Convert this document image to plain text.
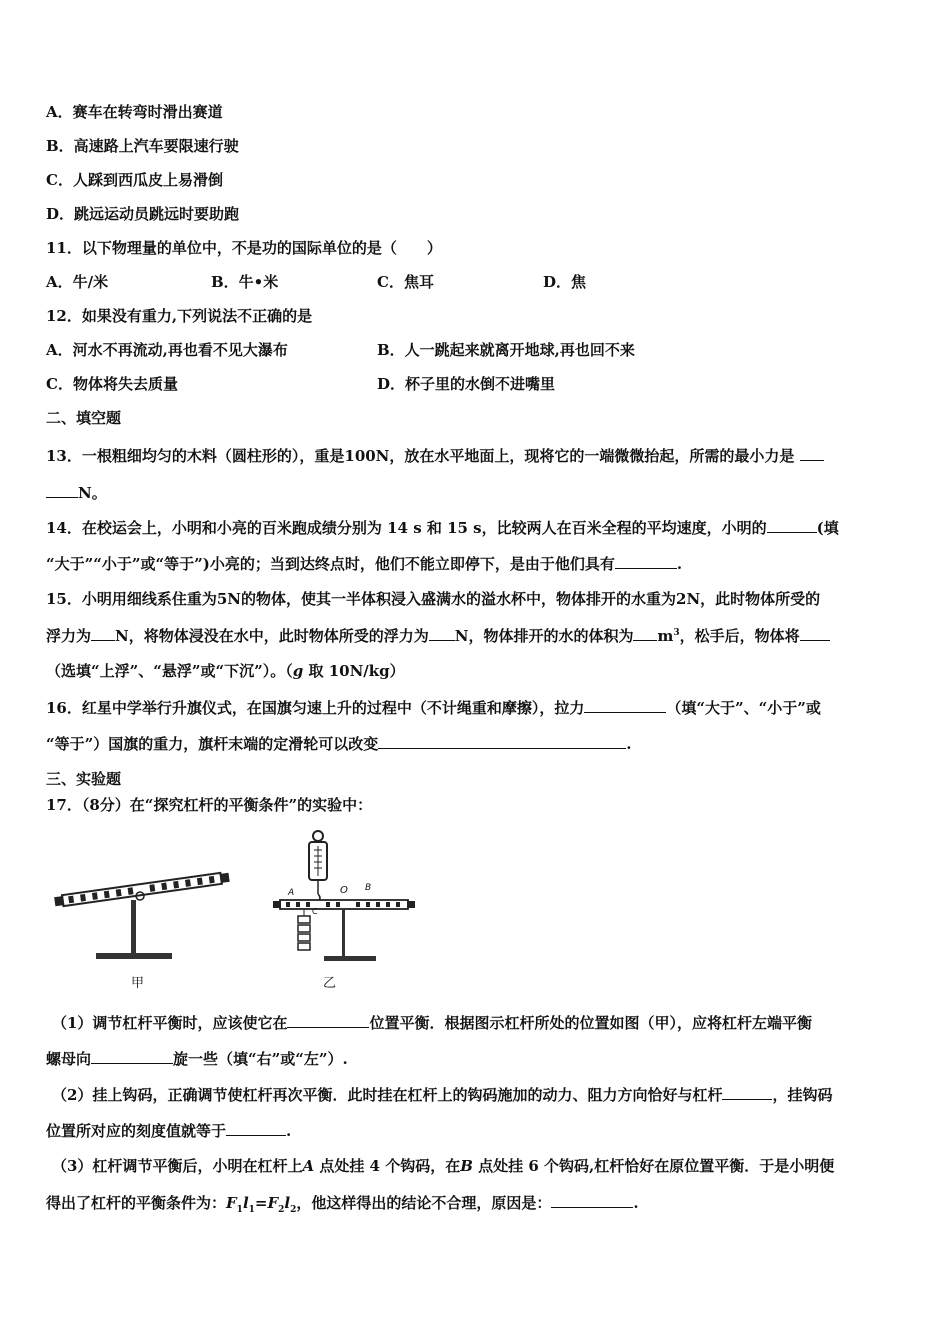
A．赛车在转弯时滑出赛道
B．高速路上汽车要限速行驶
C．人踩到西瓜皮上易滑倒
D．跳远运动员跳远时要助跑
11．以下物理量的单位中，不是功的国际单位的是（　　）
A．牛/米	B．牛•米	C．焦耳	D．焦
12．如果没有重力,下列说法不正确的是
A．河水不再流动,再也看不见大瀑布	B．人一跳起来就离开地球,再也回不来
C．物体将失去质量	D．杯子里的水倒不进嘴里
二、填空题
13．一根粗细均匀的木料（圆柱形的），重是100N，放在水平地面上，现将它的一端微微抬起，所需的最小力是
N。
14．在校运会上，小明和小亮的百米跑成绩分别为 14 s 和 15 s，比较两人在百米全程的平均速度，小明的	(填
“大于”“小于”或“等于”)小亮的；当到达终点时，他们不能立即停下，是由于他们具有	.
15．小明用细线系住重为5N的物体，使其一半体积浸入盛满水的溢水杯中，物体排开的水重为2N，此时物体所受的
浮力为 N，将物体浸没在水中，此时物体所受的浮力为 N，物体排开的水的体积为 $m^3$，松手后，物体将
（选填“上浮”、“悬浮”或“下沉”）。（g 取 10N/kg）
16．红星中学举行升旗仪式，在国旗匀速上升的过程中（不计绳重和摩擦），拉力	（填“大于”、“小于”或
“等于”）国旗的重力，旗杆末端的定滑轮可以改变	.
三、实验题
17．（8分）在“探究杠杆的平衡条件”的实验中：
甲
A	O B
C
乙
（1）调节杠杆平衡时，应该使它在	位置平衡．根据图示杠杆所处的位置如图（甲），应将杠杆左端平衡
螺母向	旋一些（填“右”或“左”）.
（2）挂上钩码，正确调节使杠杆再次平衡．此时挂在杠杆上的钩码施加的动力、阻力方向恰好与杠杆	，挂钩码
位置所对应的刻度值就等于	.
（3）杠杆调节平衡后，小明在杠杆上A 点处挂 4 个钩码，在B 点处挂 6 个钩码,杠杆恰好在原位置平衡．于是小明便
得出了杠杆的平衡条件为：$F_1l_1=F_2l_2$，他这样得出的结论不合理，原因是：	.
